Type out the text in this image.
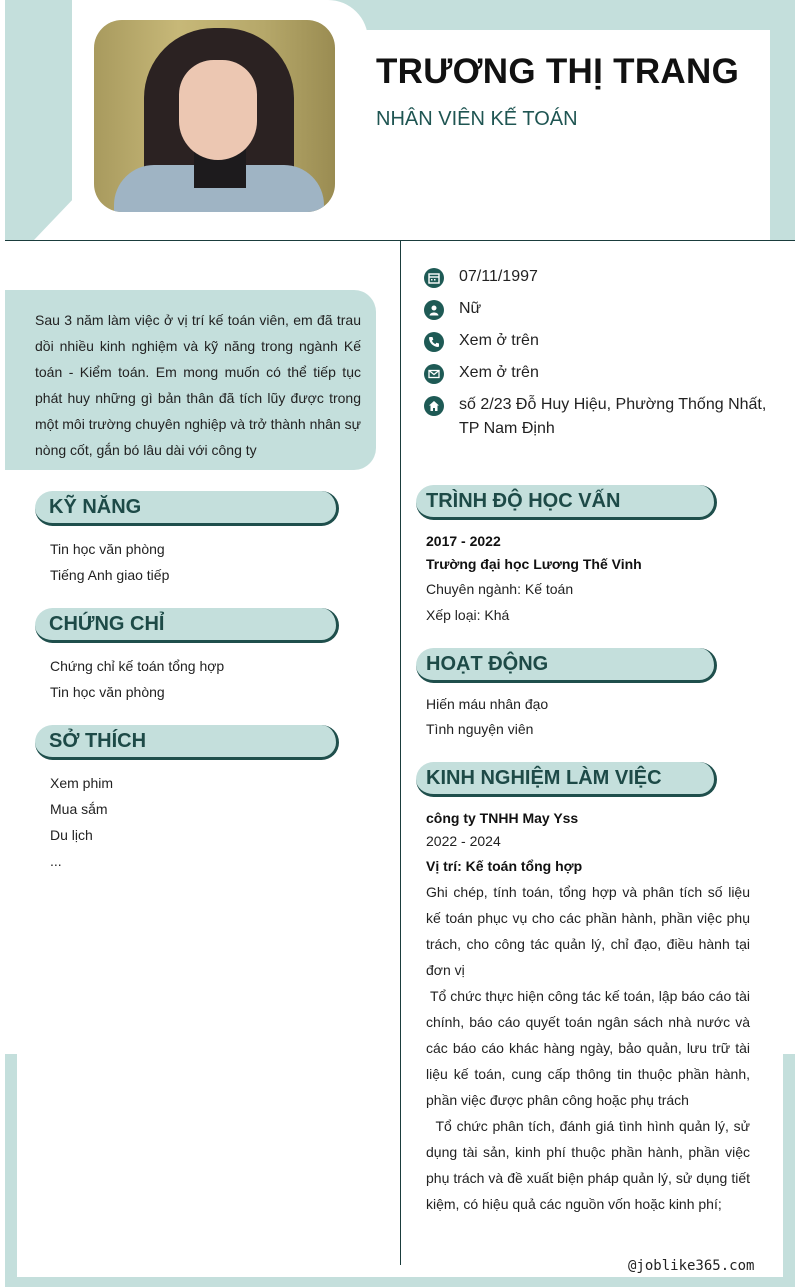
TRƯƠNG THỊ TRANG
NHÂN VIÊN KẾ TOÁN

Sau 3 năm làm việc ở vị trí kế toán viên, em đã trau dồi nhiều kinh nghiệm và kỹ năng trong ngành Kế toán - Kiểm toán. Em mong muốn có thể tiếp tục phát huy những gì bản thân đã tích lũy được trong một môi trường chuyên nghiệp và trở thành nhân sự nòng cốt, gắn bó lâu dài với công ty

KỸ NĂNG
Tin học văn phòng
Tiếng Anh giao tiếp
CHỨNG CHỈ
Chứng chỉ kế toán tổng hợp
Tin học văn phòng
SỞ THÍCH
Xem phim
Mua sắm
Du lịch
...
07/11/1997
Nữ
Xem ở trên
Xem ở trên
số 2/23 Đỗ Huy Hiệu, Phường Thống Nhất,
TP Nam Định
TRÌNH ĐỘ HỌC VẤN
2017 - 2022
Trường đại học Lương Thế Vinh
Chuyên ngành: Kế toán
Xếp loại: Khá
HOẠT ĐỘNG
Hiến máu nhân đạo
Tình nguyện viên
KINH NGHIỆM LÀM VIỆC
công ty TNHH May Yss
2022 - 2024
Vị trí: Kế toán tổng hợp
Ghi chép, tính toán, tổng hợp và phân tích số liệu kế toán phục vụ cho các phần hành, phần việc phụ trách, cho công tác quản lý, chỉ đạo, điều hành tại đơn vị
Tổ chức thực hiện công tác kế toán, lập báo cáo tài chính, báo cáo quyết toán ngân sách nhà nước và các báo cáo khác hàng ngày, bảo quản, lưu trữ tài liệu kế toán, cung cấp thông tin thuộc phần hành, phần việc được phân công hoặc phụ trách
Tổ chức phân tích, đánh giá tình hình quản lý, sử dụng tài sản, kinh phí thuộc phần hành, phần việc phụ trách và đề xuất biện pháp quản lý, sử dụng tiết kiệm, có hiệu quả các nguồn vốn hoặc kinh phí;
@joblike365.com
